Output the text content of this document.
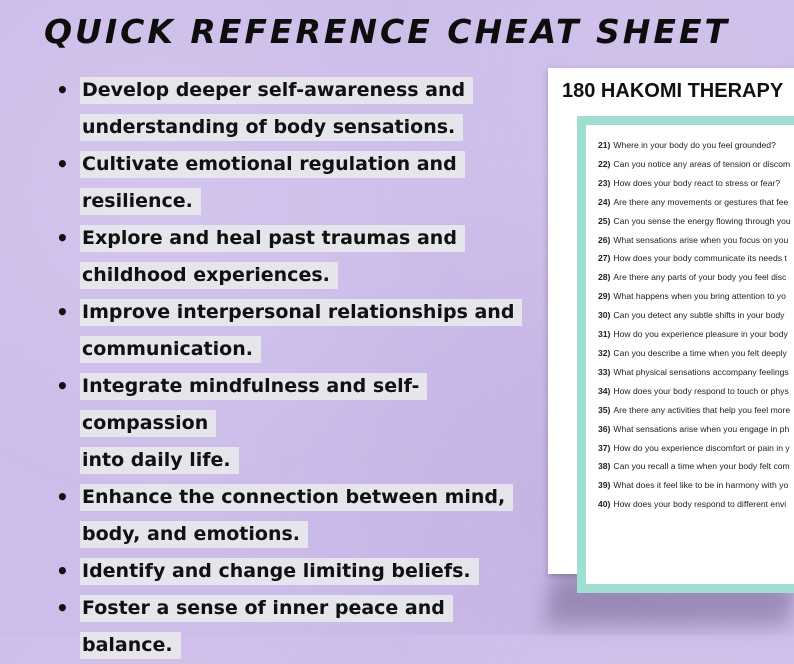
QUICK REFERENCE CHEAT SHEET
• Develop deeper self-awareness and
understanding of body sensations.
• Cultivate emotional regulation and
resilience.
• Explore and heal past traumas and
childhood experiences.
• Improve interpersonal relationships and
communication.
• Integrate mindfulness and self-compassion
into daily life.
• Enhance the connection between mind,
body, and emotions.
• Identify and change limiting beliefs.
• Foster a sense of inner peace and balance.
180 HAKOMI THERAPY
21) Where in your body do you feel grounded?
22) Can you notice any areas of tension or discom
23) How does your body react to stress or fear?
24) Are there any movements or gestures that fee
25) Can you sense the energy flowing through you
26) What sensations arise when you focus on you
27) How does your body communicate its needs t
28) Are there any parts of your body you feel disc
29) What happens when you bring attention to yo
30) Can you detect any subtle shifts in your body
31) How do you experience pleasure in your body
32) Can you describe a time when you felt deeply
33) What physical sensations accompany feelings
34) How does your body respond to touch or phys
35) Are there any activities that help you feel more
36) What sensations arise when you engage in ph
37) How do you experience discomfort or pain in y
38) Can you recall a time when your body felt com
39) What does it feel like to be in harmony with yo
40) How does your body respond to different envi
